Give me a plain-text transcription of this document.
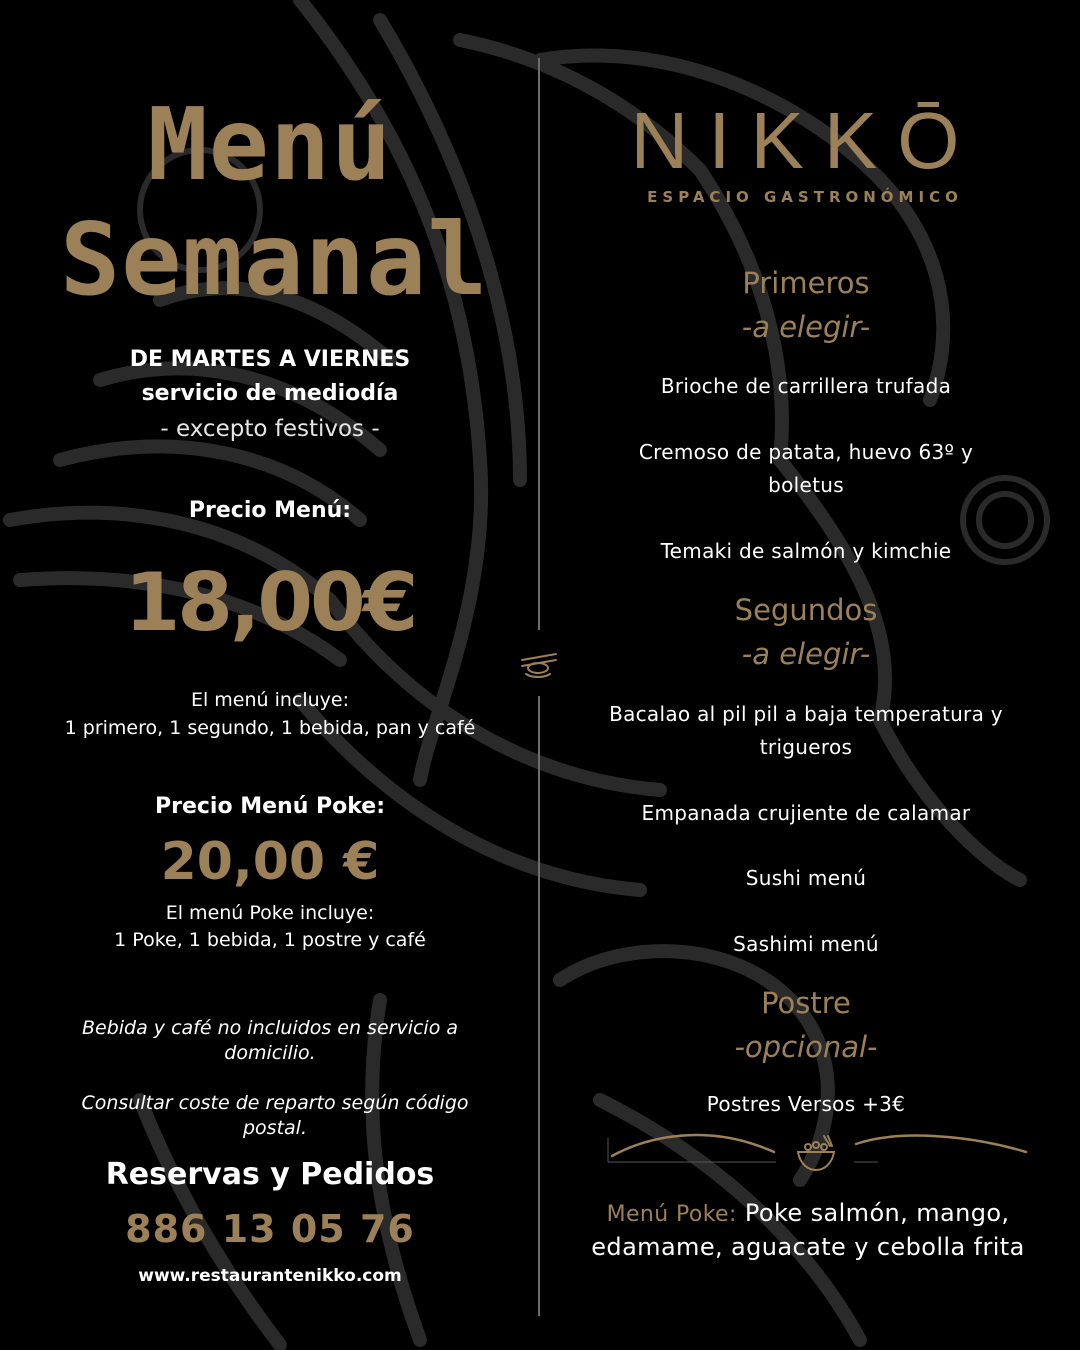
Menú
Semanal
DE MARTES A VIERNES
servicio de mediodía
- excepto festivos -
Precio Menú:
18,00€
El menú incluye:
1 primero, 1 segundo, 1 bebida, pan y café
Precio Menú Poke:
20,00 €
El menú Poke incluye:
1 Poke, 1 bebida, 1 postre y café
Bebida y café no incluidos en servicio a domicilio.
Consultar coste de reparto según código postal.
Reservas y Pedidos
886 13 05 76
www.restaurantenikko.com
NIKKŌ
ESPACIO GASTRONÓMICO
Primeros
-a elegir-
Brioche de carrillera trufada
Cremoso de patata, huevo 63º y boletus
Temaki de salmón y kimchie
Segundos
-a elegir-
Bacalao al pil pil a baja temperatura y trigueros
Empanada crujiente de calamar
Sushi menú
Sashimi menú
Postre
-opcional-
Postres Versos +3€
Menú Poke: Poke salmón, mango, edamame, aguacate y cebolla frita
